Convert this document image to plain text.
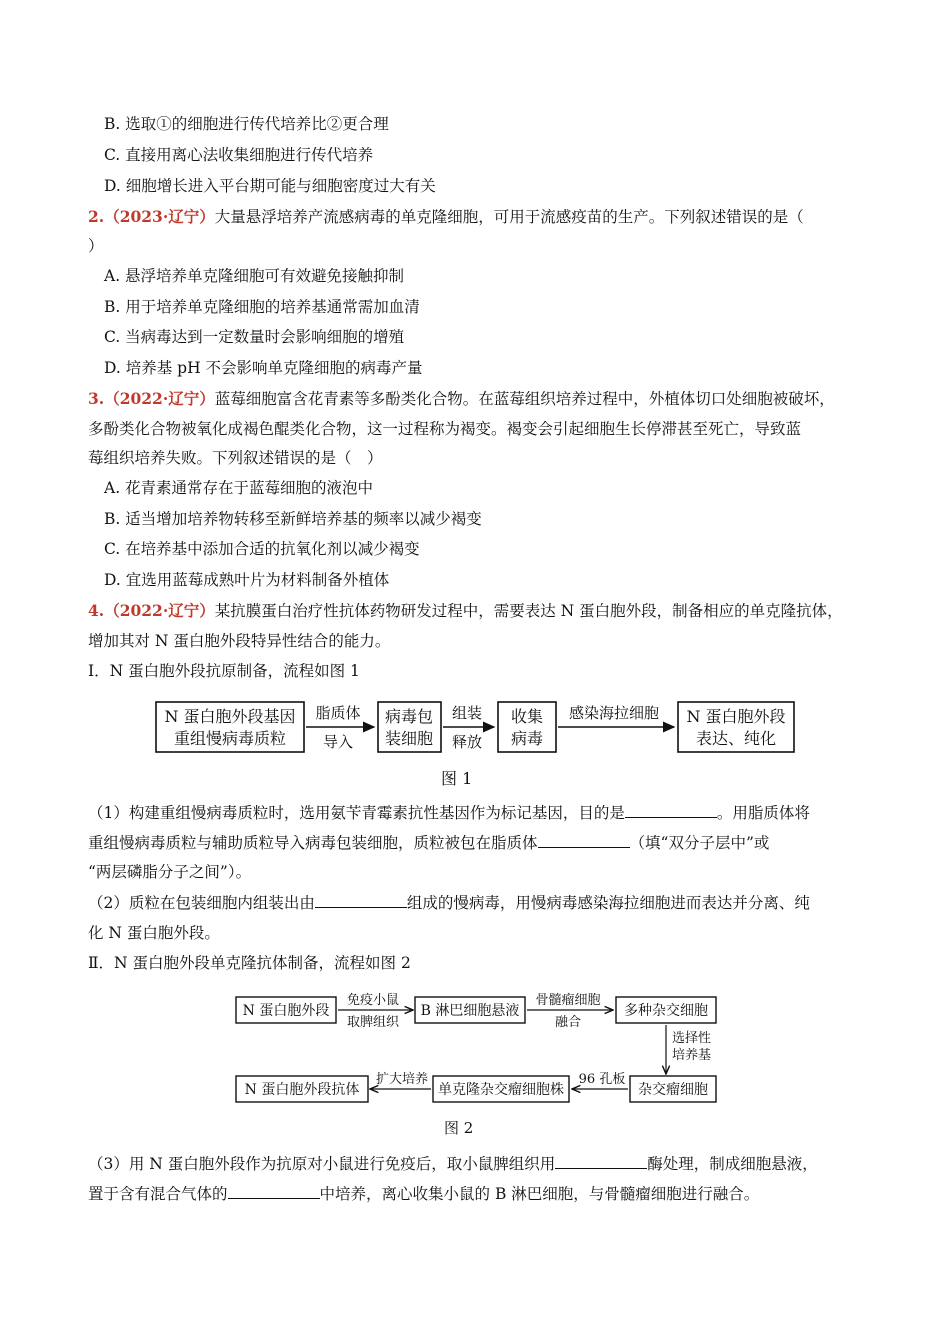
B. 选取①的细胞进行传代培养比②更合理
C. 直接用离心法收集细胞进行传代培养
D. 细胞增长进入平台期可能与细胞密度过大有关
2.（2023·辽宁）大量悬浮培养产流感病毒的单克隆细胞，可用于流感疫苗的生产。下列叙述错误的是（
）
A. 悬浮培养单克隆细胞可有效避免接触抑制
B. 用于培养单克隆细胞的培养基通常需加血清
C. 当病毒达到一定数量时会影响细胞的增殖
D. 培养基 pH 不会影响单克隆细胞的病毒产量
3.（2022·辽宁）蓝莓细胞富含花青素等多酚类化合物。在蓝莓组织培养过程中，外植体切口处细胞被破坏，
多酚类化合物被氧化成褐色醌类化合物，这一过程称为褐变。褐变会引起细胞生长停滞甚至死亡，导致蓝
莓组织培养失败。下列叙述错误的是（　）
A. 花青素通常存在于蓝莓细胞的液泡中
B. 适当增加培养物转移至新鲜培养基的频率以减少褐变
C. 在培养基中添加合适的抗氧化剂以减少褐变
D. 宜选用蓝莓成熟叶片为材料制备外植体
4.（2022·辽宁）某抗膜蛋白治疗性抗体药物研发过程中，需要表达 N 蛋白胞外段，制备相应的单克隆抗体，
增加其对 N 蛋白胞外段特异性结合的能力。
Ⅰ．N 蛋白胞外段抗原制备，流程如图 1
N 蛋白胞外段基因
重组慢病毒质粒
脂质体
导入
病毒包
装细胞
组装
释放
收集
病毒
感染海拉细胞 N 蛋白胞外段
表达、纯化
图 1
（1）构建重组慢病毒质粒时，选用氨苄青霉素抗性基因作为标记基因，目的是	。用脂质体将
重组慢病毒质粒与辅助质粒导入病毒包装细胞，质粒被包在脂质体	（填“双分子层中”或
“两层磷脂分子之间”）。
（2）质粒在包装细胞内组装出由	组成的慢病毒，用慢病毒感染海拉细胞进而表达并分离、纯
化 N 蛋白胞外段。
Ⅱ．N 蛋白胞外段单克隆抗体制备，流程如图 2
N 蛋白胞外段
免疫小鼠
取脾组织
B 淋巴细胞悬液
骨髓瘤细胞
融合
多种杂交细胞
选择性
培养基
杂交瘤细胞
96 孔板
单克隆杂交瘤细胞株
扩大培养
N 蛋白胞外段抗体
图 2
（3）用 N 蛋白胞外段作为抗原对小鼠进行免疫后，取小鼠脾组织用	酶处理，制成细胞悬液，
置于含有混合气体的	中培养，离心收集小鼠的 B 淋巴细胞，与骨髓瘤细胞进行融合。
